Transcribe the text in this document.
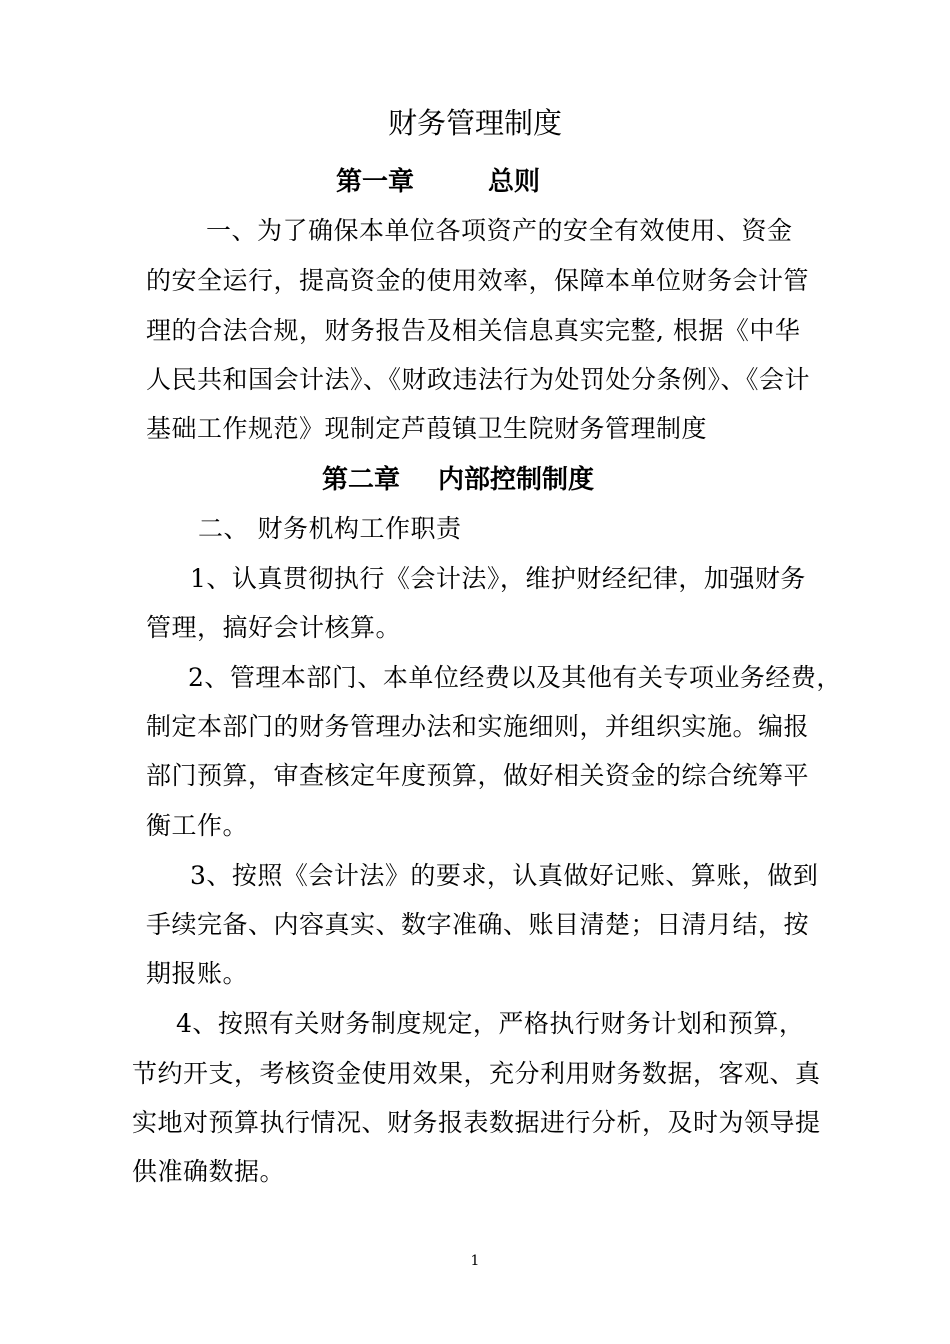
财务管理制度
第一章	总则
一、为了确保本单位各项资产的安全有效使用、资金
的安全运行，提高资金的使用效率，保障本单位财务会计管
理的合法合规，财务报告及相关信息真实完整, 根据《中华
人民共和国会计法》、《财政违法行为处罚处分条例》、《会计
基础工作规范》现制定芦葭镇卫生院财务管理制度
第二章 内部控制制度
二、 财务机构工作职责
1、认真贯彻执行《会计法》，维护财经纪律，加强财务
管理，搞好会计核算。
2、管理本部门、本单位经费以及其他有关专项业务经费，
制定本部门的财务管理办法和实施细则，并组织实施。编报
部门预算，审查核定年度预算，做好相关资金的综合统筹平
衡工作。
3、按照《会计法》的要求，认真做好记账、算账，做到
手续完备、内容真实、数字准确、账目清楚；日清月结，按
期报账。
4、按照有关财务制度规定，严格执行财务计划和预算，
节约开支，考核资金使用效果，充分利用财务数据，客观、真
实地对预算执行情况、财务报表数据进行分析，及时为领导提
供准确数据。
1
